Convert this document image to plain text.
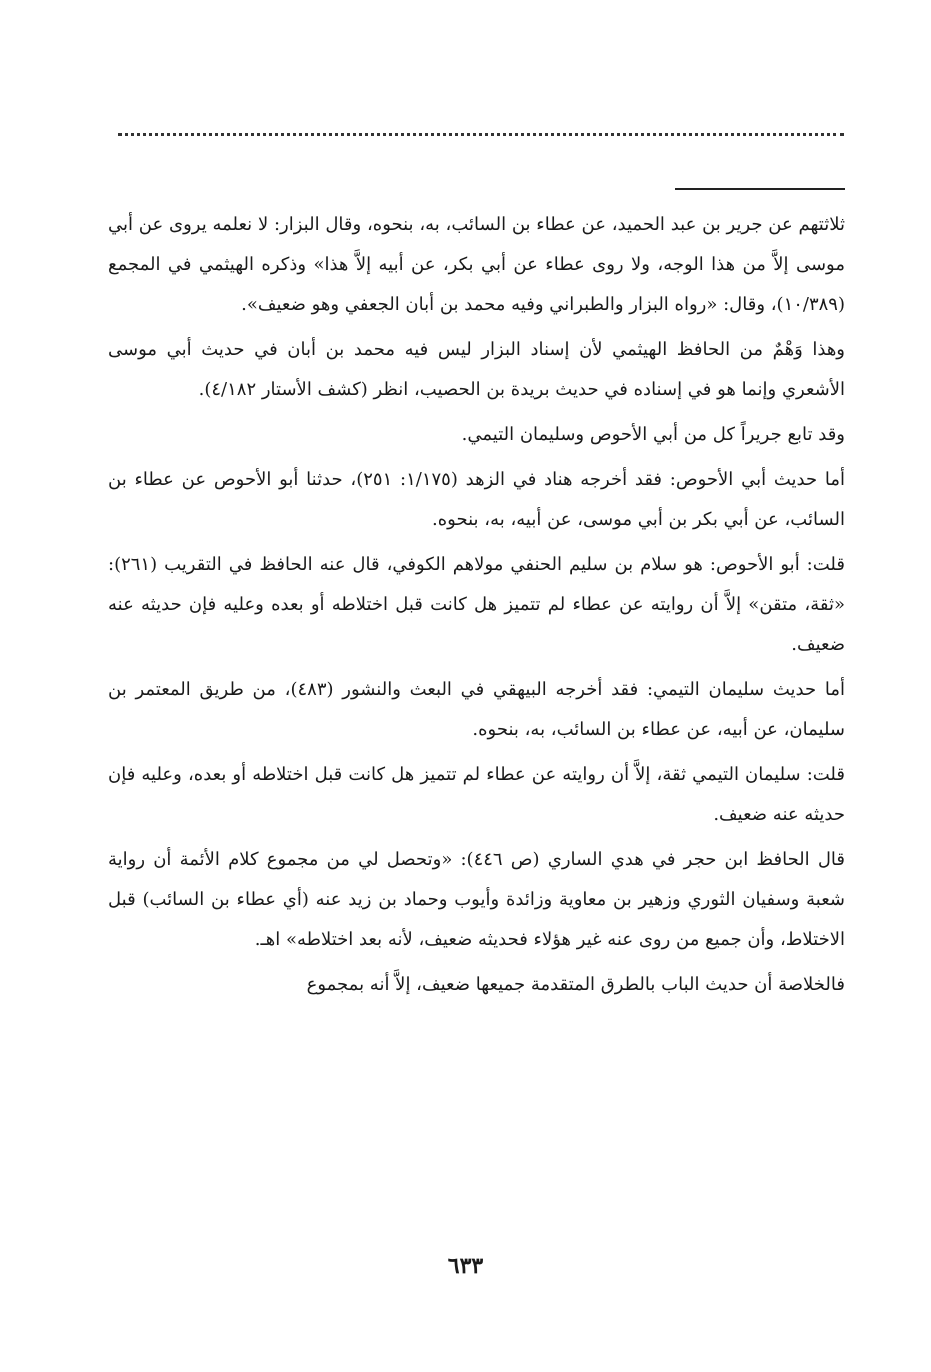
ثلاثتهم عن جرير بن عبد الحميد، عن عطاء بن السائب، به، بنحوه، وقال البزار: لا نعلمه يروى عن أبي موسى إلاَّ من هذا الوجه، ولا روى عطاء عن أبي بكر، عن أبيه إلاَّ هذا» وذكره الهيثمي في المجمع (١٠/٣٨٩)، وقال: «رواه البزار والطبراني وفيه محمد بن أبان الجعفي وهو ضعيف».

وهذا وَهْمٌ من الحافظ الهيثمي لأن إسناد البزار ليس فيه محمد بن أبان في حديث أبي موسى الأشعري وإنما هو في إسناده في حديث بريدة بن الحصيب، انظر (كشف الأستار ٤/١٨٢).

وقد تابع جريراً كل من أبي الأحوص وسليمان التيمي.

أما حديث أبي الأحوص: فقد أخرجه هناد في الزهد (١/١٧٥: ٢٥١)، حدثنا أبو الأحوص عن عطاء بن السائب، عن أبي بكر بن أبي موسى، عن أبيه، به، بنحوه.

قلت: أبو الأحوص: هو سلام بن سليم الحنفي مولاهم الكوفي، قال عنه الحافظ في التقريب (٢٦١): «ثقة، متقن» إلاَّ أن روايته عن عطاء لم تتميز هل كانت قبل اختلاطه أو بعده وعليه فإن حديثه عنه ضعيف.

أما حديث سليمان التيمي: فقد أخرجه البيهقي في البعث والنشور (٤٨٣)، من طريق المعتمر بن سليمان، عن أبيه، عن عطاء بن السائب، به، بنحوه.

قلت: سليمان التيمي ثقة، إلاَّ أن روايته عن عطاء لم تتميز هل كانت قبل اختلاطه أو بعده، وعليه فإن حديثه عنه ضعيف.

قال الحافظ ابن حجر في هدي الساري (ص ٤٤٦): «وتحصل لي من مجموع كلام الأئمة أن رواية شعبة وسفيان الثوري وزهير بن معاوية وزائدة وأيوب وحماد بن زيد عنه (أي عطاء بن السائب) قبل الاختلاط، وأن جميع من روى عنه غير هؤلاء فحديثه ضعيف، لأنه بعد اختلاطه» اهـ.

فالخلاصة أن حديث الباب بالطرق المتقدمة جميعها ضعيف، إلاَّ أنه بمجموع

٦٣٣
